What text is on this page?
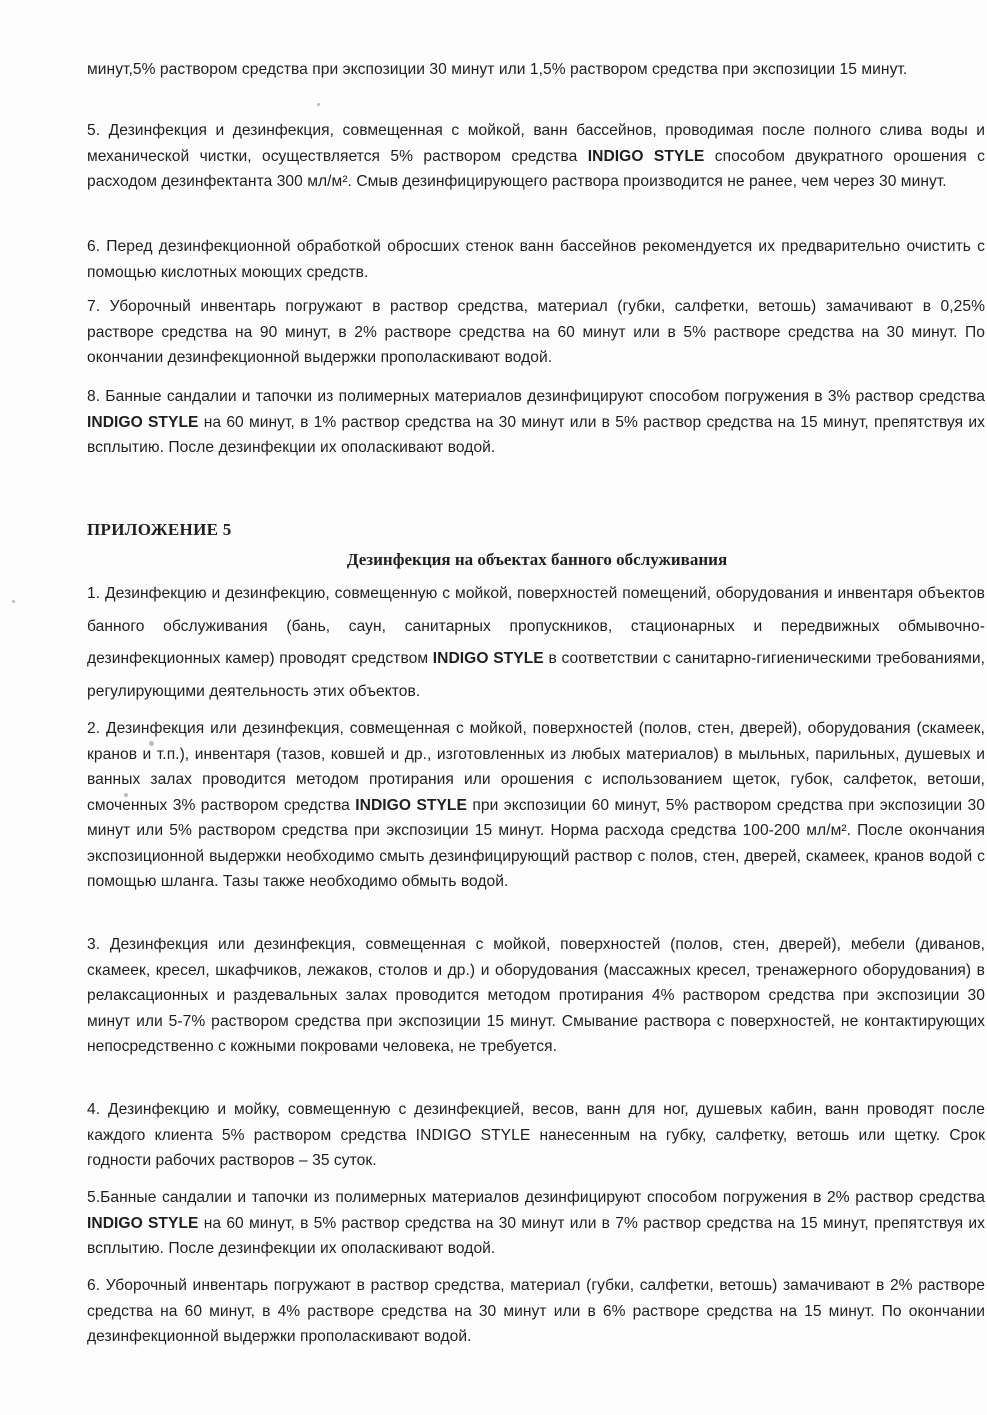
минут,5% раствором средства при экспозиции 30 минут или 1,5% раствором средства при экспозиции 15 минут.

5. Дезинфекция и дезинфекция, совмещенная с мойкой, ванн бассейнов, проводимая после полного слива воды и механической чистки, осуществляется 5% раствором средства INDIGO STYLE способом двукратного орошения с расходом дезинфектанта 300 мл/м². Смыв дезинфицирующего раствора производится не ранее, чем через 30 минут.

6. Перед дезинфекционной обработкой обросших стенок ванн бассейнов рекомендуется их предварительно очистить с помощью кислотных моющих средств.

7. Уборочный инвентарь погружают в раствор средства, материал (губки, салфетки, ветошь) замачивают в 0,25% растворе средства на 90 минут, в 2% растворе средства на 60 минут или в 5% растворе средства на 30 минут. По окончании дезинфекционной выдержки прополаскивают водой.

8. Банные сандалии и тапочки из полимерных материалов дезинфицируют способом погружения в 3% раствор средства INDIGO STYLE на 60 минут, в 1% раствор средства на 30 минут или в 5% раствор средства на 15 минут, препятствуя их всплытию. После дезинфекции их ополаскивают водой.

ПРИЛОЖЕНИЕ 5
Дезинфекция на объектах банного обслуживания

1. Дезинфекцию и дезинфекцию, совмещенную с мойкой, поверхностей помещений, оборудования и инвентаря объектов банного обслуживания (бань, саун, санитарных пропускников, стационарных и передвижных обмывочно-дезинфекционных камер) проводят средством INDIGO STYLE в соответствии с санитарно-гигиеническими требованиями, регулирующими деятельность этих объектов.

2. Дезинфекция или дезинфекция, совмещенная с мойкой, поверхностей (полов, стен, дверей), оборудования (скамеек, кранов и т.п.), инвентаря (тазов, ковшей и др., изготовленных из любых материалов) в мыльных, парильных, душевых и ванных залах проводится методом протирания или орошения с использованием щеток, губок, салфеток, ветоши, смоченных 3% раствором средства INDIGO STYLE при экспозиции 60 минут, 5% раствором средства при экспозиции 30 минут или 5% раствором средства при экспозиции 15 минут. Норма расхода средства 100-200 мл/м². После окончания экспозиционной выдержки необходимо смыть дезинфицирующий раствор с полов, стен, дверей, скамеек, кранов водой с помощью шланга. Тазы также необходимо обмыть водой.

3. Дезинфекция или дезинфекция, совмещенная с мойкой, поверхностей (полов, стен, дверей), мебели (диванов, скамеек, кресел, шкафчиков, лежаков, столов и др.) и оборудования (массажных кресел, тренажерного оборудования) в релаксационных и раздевальных залах проводится методом протирания 4% раствором средства при экспозиции 30 минут или 5-7% раствором средства при экспозиции 15 минут. Смывание раствора с поверхностей, не контактирующих непосредственно с кожными покровами человека, не требуется.

4. Дезинфекцию и мойку, совмещенную с дезинфекцией, весов, ванн для ног, душевых кабин, ванн проводят после каждого клиента 5% раствором средства INDIGO STYLE нанесенным на губку, салфетку, ветошь или щетку. Срок годности рабочих растворов – 35 суток.

5.Банные сандалии и тапочки из полимерных материалов дезинфицируют способом погружения в 2% раствор средства INDIGO STYLE на 60 минут, в 5% раствор средства на 30 минут или в 7% раствор средства на 15 минут, препятствуя их всплытию. После дезинфекции их ополаскивают водой.

6. Уборочный инвентарь погружают в раствор средства, материал (губки, салфетки, ветошь) замачивают в 2% растворе средства на 60 минут, в 4% растворе средства на 30 минут или в 6% растворе средства на 15 минут. По окончании дезинфекционной выдержки прополаскивают водой.
